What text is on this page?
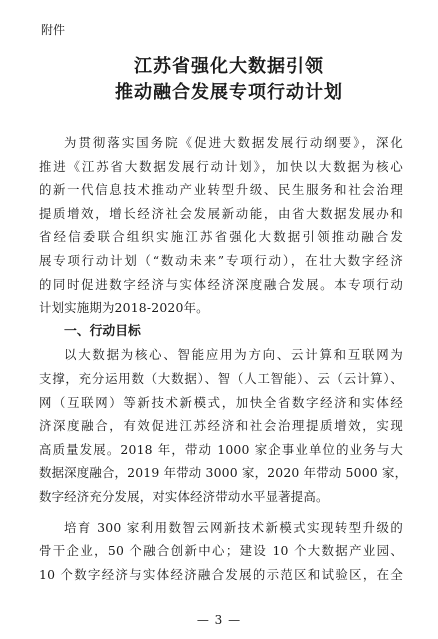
附件
江苏省强化大数据引领
推动融合发展专项行动计划
为贯彻落实国务院《促进大数据发展行动纲要》，深化
推进《江苏省大数据发展行动计划》，加快以大数据为核心
的新一代信息技术推动产业转型升级、民生服务和社会治理
提质增效，增长经济社会发展新动能，由省大数据发展办和
省经信委联合组织实施江苏省强化大数据引领推动融合发
展专项行动计划（“数动未来”专项行动），在壮大数字经济
的同时促进数字经济与实体经济深度融合发展。本专项行动
计划实施期为2018-2020年。
一、行动目标
以大数据为核心、智能应用为方向、云计算和互联网为
支撑，充分运用数（大数据）、智（人工智能）、云（云计算）、
网（互联网）等新技术新模式，加快全省数字经济和实体经
济深度融合，有效促进江苏经济和社会治理提质增效，实现
高质量发展。2018 年，带动 1000 家企事业单位的业务与大
数据深度融合，2019 年带动 3000 家，2020 年带动 5000 家，
数字经济充分发展，对实体经济带动水平显著提高。
培育 300 家利用数智云网新技术新模式实现转型升级的
骨干企业，50 个融合创新中心；建设 10 个大数据产业园、
10 个数字经济与实体经济融合发展的示范区和试验区，在全
— 3 —
